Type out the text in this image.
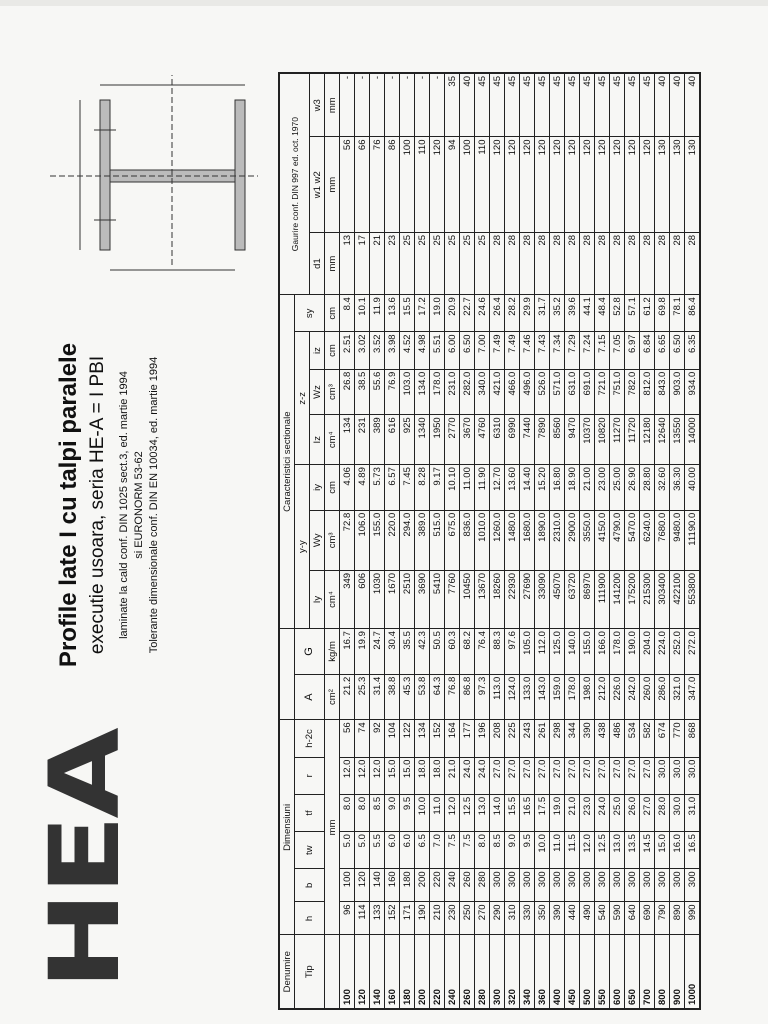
HEA
Profile late I cu talpi paralele executie usoara, seria HE-A = I PBI laminate la cald conf. DIN 1025 sect.3, ed. martie 1994 si EURONORM 53-62 Tolerante dimensionale conf. DIN EN 10034, ed. martie 1994
Denumire	Dimensiuni								Caracteristici sectionale							Gaurire conf. DIN 997 ed. oct. 1970		
Tip	h	b	tw	tf	r	h-2c	A	G	y-y			z-z			sy			
									Iy	Wy	iy	Iz	Wz	iz		d1	w1 w2	w3
	mm						cm²	kg/m	cm⁴	cm³	cm	cm⁴	cm³	cm	cm	mm	mm	mm
100	96	100	5.0	8.0	12.0	56	21.2	16.7	349	72.8	4.06	134	26.8	2.51	8.4	13	56	-
120	114	120	5.0	8.0	12.0	74	25.3	19.9	606	106.0	4.89	231	38.5	3.02	10.1	17	66	-
140	133	140	5.5	8.5	12.0	92	31.4	24.7	1030	155.0	5.73	389	55.6	3.52	11.9	21	76	-
160	152	160	6.0	9.0	15.0	104	38.8	30.4	1670	220.0	6.57	616	76.9	3.98	13.6	23	86	-
180	171	180	6.0	9.5	15.0	122	45.3	35.5	2510	294.0	7.45	925	103.0	4.52	15.5	25	100	-
200	190	200	6.5	10.0	18.0	134	53.8	42.3	3690	389.0	8.28	1340	134.0	4.98	17.2	25	110	-
220	210	220	7.0	11.0	18.0	152	64.3	50.5	5410	515.0	9.17	1950	178.0	5.51	19.0	25	120	-
240	230	240	7.5	12.0	21.0	164	76.8	60.3	7760	675.0	10.10	2770	231.0	6.00	20.9	25	94	35
260	250	260	7.5	12.5	24.0	177	86.8	68.2	10450	836.0	11.00	3670	282.0	6.50	22.7	25	100	40
280	270	280	8.0	13.0	24.0	196	97.3	76.4	13670	1010.0	11.90	4760	340.0	7.00	24.6	25	110	45
300	290	300	8.5	14.0	27.0	208	113.0	88.3	18260	1260.0	12.70	6310	421.0	7.49	26.4	28	120	45
320	310	300	9.0	15.5	27.0	225	124.0	97.6	22930	1480.0	13.60	6990	466.0	7.49	28.2	28	120	45
340	330	300	9.5	16.5	27.0	243	133.0	105.0	27690	1680.0	14.40	7440	496.0	7.46	29.9	28	120	45
360	350	300	10.0	17.5	27.0	261	143.0	112.0	33090	1890.0	15.20	7890	526.0	7.43	31.7	28	120	45
400	390	300	11.0	19.0	27.0	298	159.0	125.0	45070	2310.0	16.80	8560	571.0	7.34	35.2	28	120	45
450	440	300	11.5	21.0	27.0	344	178.0	140.0	63720	2900.0	18.90	9470	631.0	7.29	39.6	28	120	45
500	490	300	12.0	23.0	27.0	390	198.0	155.0	86970	3550.0	21.00	10370	691.0	7.24	44.1	28	120	45
550	540	300	12.5	24.0	27.0	438	212.0	166.0	111900	4150.0	23.00	10820	721.0	7.15	48.4	28	120	45
600	590	300	13.0	25.0	27.0	486	226.0	178.0	141200	4790.0	25.00	11270	751.0	7.05	52.8	28	120	45
650	640	300	13.5	26.0	27.0	534	242.0	190.0	175200	5470.0	26.90	11720	782.0	6.97	57.1	28	120	45
700	690	300	14.5	27.0	27.0	582	260.0	204.0	215300	6240.0	28.80	12180	812.0	6.84	61.2	28	120	45
800	790	300	15.0	28.0	30.0	674	286.0	224.0	303400	7680.0	32.60	12640	843.0	6.65	69.8	28	130	40
900	890	300	16.0	30.0	30.0	770	321.0	252.0	422100	9480.0	36.30	13550	903.0	6.50	78.1	28	130	40
1000	990	300	16.5	31.0	30.0	868	347.0	272.0	553800	11190.0	40.00	14000	934.0	6.35	86.4	28	130	40
